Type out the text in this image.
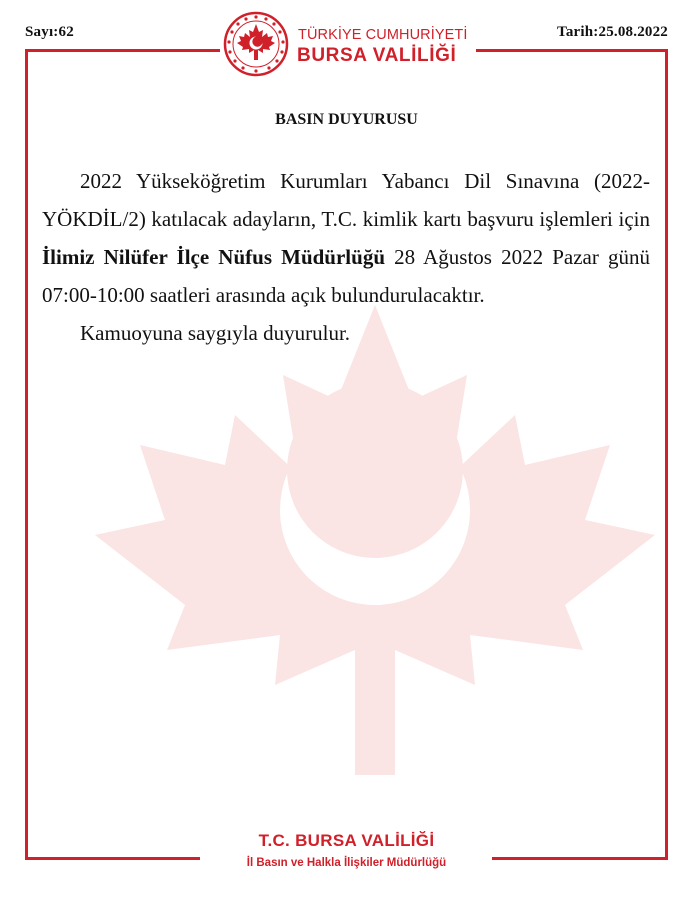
Sayı:62	Tarih:25.08.2022
TÜRKİYE CUMHURİYETİ
BURSA VALİLİĞİ
BASIN DUYURUSU

2022 Yükseköğretim Kurumları Yabancı Dil Sınavına (2022-YÖKDİL/2) katılacak adayların, T.C. kimlik kartı başvuru işlemleri için İlimiz Nilüfer İlçe Nüfus Müdürlüğü 28 Ağustos 2022 Pazar günü 07:00-10:00 saatleri arasında açık bulundurulacaktır.

Kamuoyuna saygıyla duyurulur.

T.C. BURSA VALİLİĞİ
İl Basın ve Halkla İlişkiler Müdürlüğü
